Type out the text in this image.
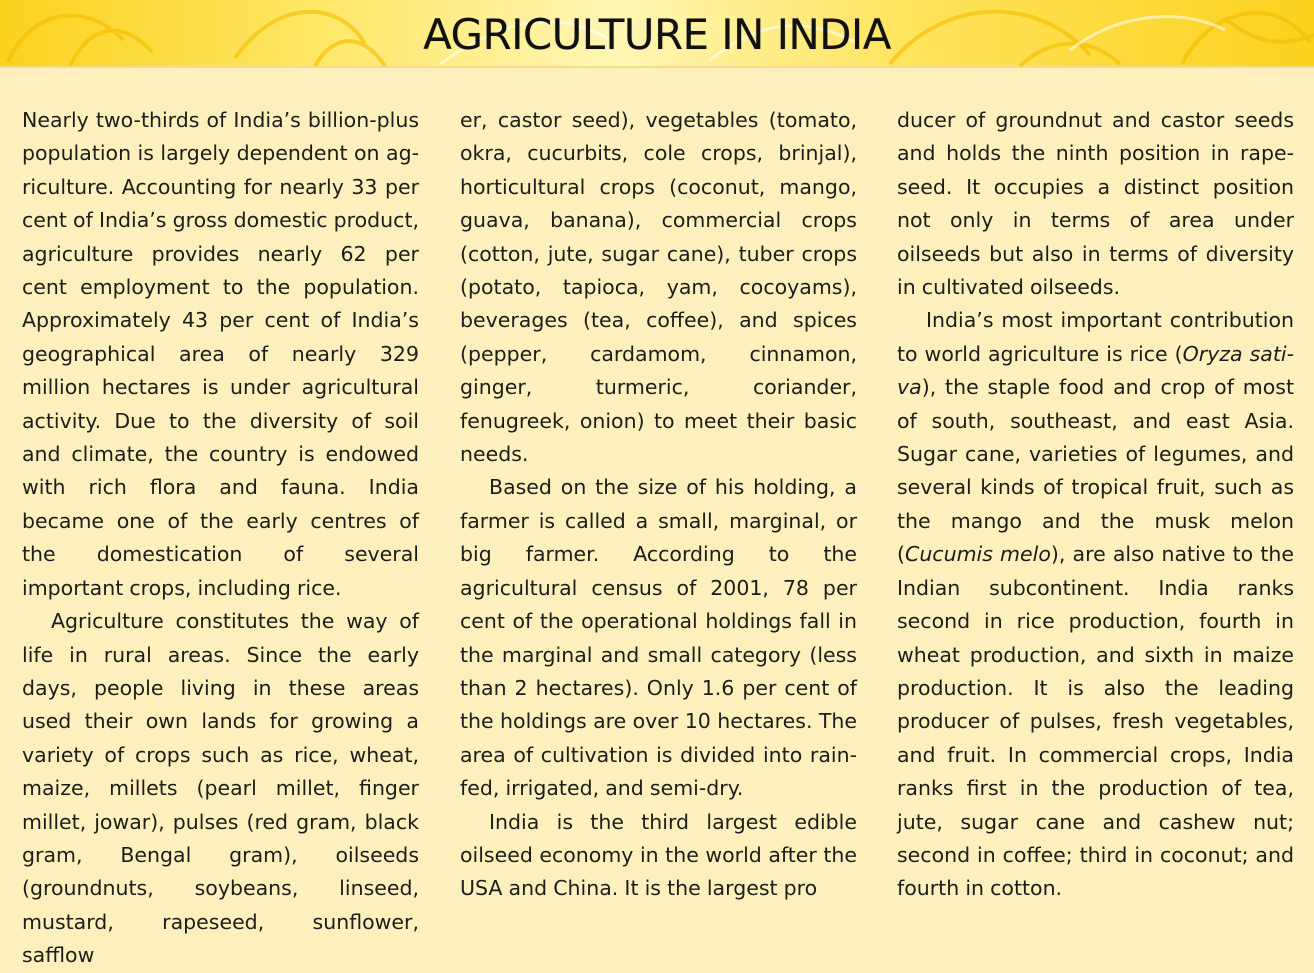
AGRICULTURE IN INDIA

Nearly two-thirds of India’s billion-plus population is largely dependent on agriculture. Accounting for nearly 33 per cent of India’s gross domestic product, agriculture provides nearly 62 per cent employment to the population. Approximately 43 per cent of India’s geographical area of nearly 329 million hectares is under agricultural activity. Due to the diversity of soil and climate, the country is endowed with rich flora and fauna. India became one of the early centres of the domestication of several important crops, including rice.

Agriculture constitutes the way of life in rural areas. Since the early days, people living in these areas used their own lands for growing a variety of crops such as rice, wheat, maize, millets (pearl millet, finger millet, jowar), pulses (red gram, black gram, Bengal gram), oilseeds (groundnuts, soybeans, linseed, mustard, rapeseed, sunflower, safflow

er, castor seed), vegetables (tomato, okra, cucurbits, cole crops, brinjal), horticultural crops (coconut, mango, guava, banana), commercial crops (cotton, jute, sugar cane), tuber crops (potato, tapioca, yam, cocoyams), beverages (tea, coffee), and spices (pepper, cardamom, cinnamon, ginger, turmeric, coriander, fenugreek, onion) to meet their basic needs.

Based on the size of his holding, a farmer is called a small, marginal, or big farmer. According to the agricultural census of 2001, 78 per cent of the operational holdings fall in the marginal and small category (less than 2 hectares). Only 1.6 per cent of the holdings are over 10 hectares. The area of cultivation is divided into rain-fed, irrigated, and semi-dry.

India is the third largest edible oilseed economy in the world after the USA and China. It is the largest pro

ducer of groundnut and castor seeds and holds the ninth position in rapeseed. It occupies a distinct position not only in terms of area under oilseeds but also in terms of diversity in cultivated oilseeds.

India’s most important contribution to world agriculture is rice (Oryza sativa), the staple food and crop of most of south, southeast, and east Asia. Sugar cane, varieties of legumes, and several kinds of tropical fruit, such as the mango and the musk melon (Cucumis melo), are also native to the Indian subcontinent. India ranks second in rice production, fourth in wheat production, and sixth in maize production. It is also the leading producer of pulses, fresh vegetables, and fruit. In commercial crops, India ranks first in the production of tea, jute, sugar cane and cashew nut; second in coffee; third in coconut; and fourth in cotton.
